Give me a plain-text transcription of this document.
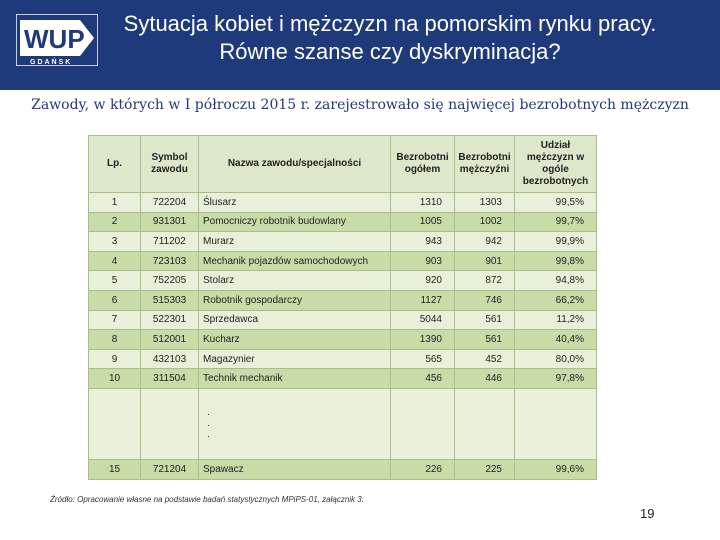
WUP
GDAŃSK
Sytuacja kobiet i mężczyzn na pomorskim rynku pracy.
Równe szanse czy dyskryminacja?
Zawody, w których w I półroczu 2015 r. zarejestrowało się najwięcej bezrobotnych mężczyzn
Lp.	Symbol zawodu	Nazwa zawodu/specjalności	Bezrobotni ogółem	Bezrobotni mężczyźni	Udział mężczyzn w ogóle bezrobotnych
1	722204	Ślusarz	1310	1303	99,5%
2	931301	Pomocniczy robotnik budowlany	1005	1002	99,7%
3	711202	Murarz	943	942	99,9%
4	723103	Mechanik pojazdów samochodowych	903	901	99,8%
5	752205	Stolarz	920	872	94,8%
6	515303	Robotnik gospodarczy	1127	746	66,2%
7	522301	Sprzedawca	5044	561	11,2%
8	512001	Kucharz	1390	561	40,4%
9	432103	Magazynier	565	452	80,0%
10	311504	Technik mechanik	456	446	97,8%

		.
.
.			

15	721204	Spawacz	226	225	99,6%
Źródło: Opracowanie własne na podstawie badań statystycznych MPiPS-01, załącznik 3.
19
